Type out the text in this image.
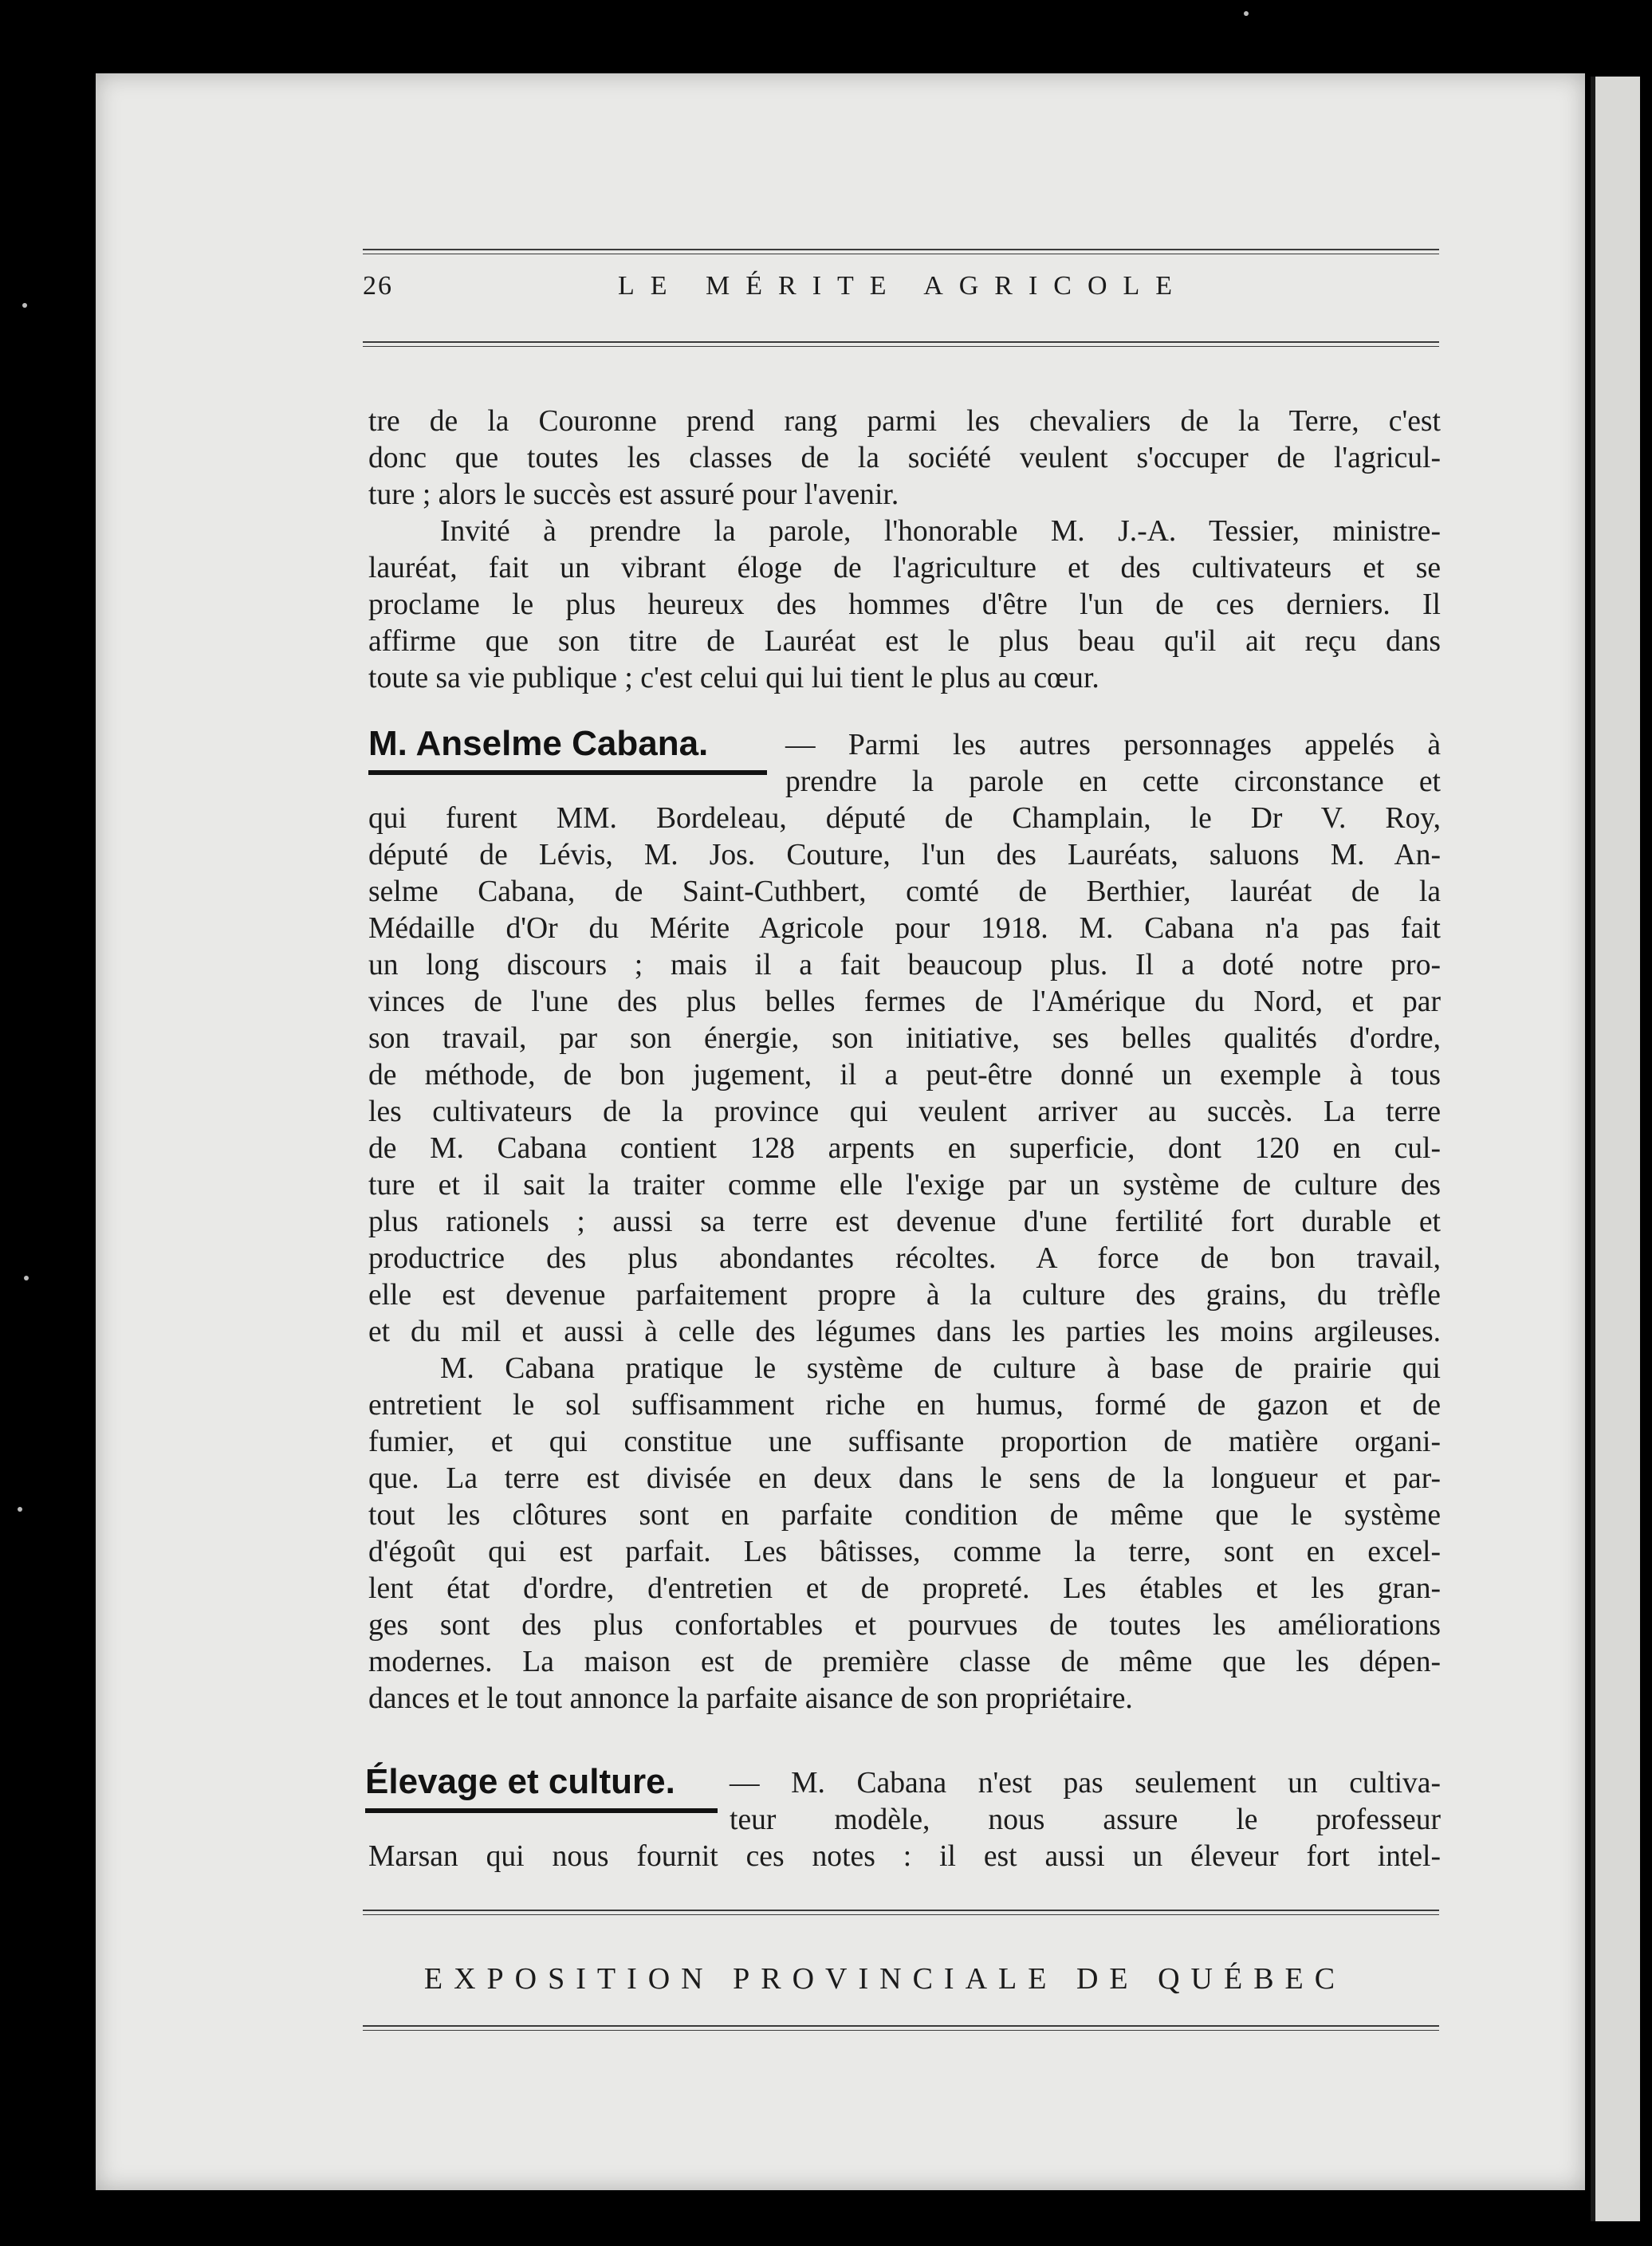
26	LE MÉRITE AGRICOLE
tre de la Couronne prend rang parmi les chevaliers de la Terre, c'est
donc que toutes les classes de la société veulent s'occuper de l'agricul-
ture ; alors le succès est assuré pour l'avenir.
Invité à prendre la parole, l'honorable M. J.-A. Tessier, ministre-
lauréat, fait un vibrant éloge de l'agriculture et des cultivateurs et se
proclame le plus heureux des hommes d'être l'un de ces derniers. Il
affirme que son titre de Lauréat est le plus beau qu'il ait reçu dans
toute sa vie publique ; c'est celui qui lui tient le plus au cœur.
M. Anselme Cabana.	— Parmi les autres personnages appelés à
prendre la parole en cette circonstance et
qui furent MM. Bordeleau, député de Champlain, le Dr V. Roy,
député de Lévis, M. Jos. Couture, l'un des Lauréats, saluons M. An-
selme Cabana, de Saint-Cuthbert, comté de Berthier, lauréat de la
Médaille d'Or du Mérite Agricole pour 1918. M. Cabana n'a pas fait
un long discours ; mais il a fait beaucoup plus. Il a doté notre pro-
vinces de l'une des plus belles fermes de l'Amérique du Nord, et par
son travail, par son énergie, son initiative, ses belles qualités d'ordre,
de méthode, de bon jugement, il a peut-être donné un exemple à tous
les cultivateurs de la province qui veulent arriver au succès. La terre
de M. Cabana contient 128 arpents en superficie, dont 120 en cul-
ture et il sait la traiter comme elle l'exige par un système de culture des
plus rationels ; aussi sa terre est devenue d'une fertilité fort durable et
productrice des plus abondantes récoltes. A force de bon travail,
elle est devenue parfaitement propre à la culture des grains, du trèfle
et du mil et aussi à celle des légumes dans les parties les moins argileuses.
M. Cabana pratique le système de culture à base de prairie qui
entretient le sol suffisamment riche en humus, formé de gazon et de
fumier, et qui constitue une suffisante proportion de matière organi-
que. La terre est divisée en deux dans le sens de la longueur et par-
tout les clôtures sont en parfaite condition de même que le système
d'égoût qui est parfait. Les bâtisses, comme la terre, sont en excel-
lent état d'ordre, d'entretien et de propreté. Les étables et les gran-
ges sont des plus confortables et pourvues de toutes les améliorations
modernes. La maison est de première classe de même que les dépen-
dances et le tout annonce la parfaite aisance de son propriétaire.
Élevage et culture. — M. Cabana n'est pas seulement un cultiva-
teur modèle, nous assure le professeur
Marsan qui nous fournit ces notes : il est aussi un éleveur fort intel-
EXPOSITION PROVINCIALE DE QUÉBEC
